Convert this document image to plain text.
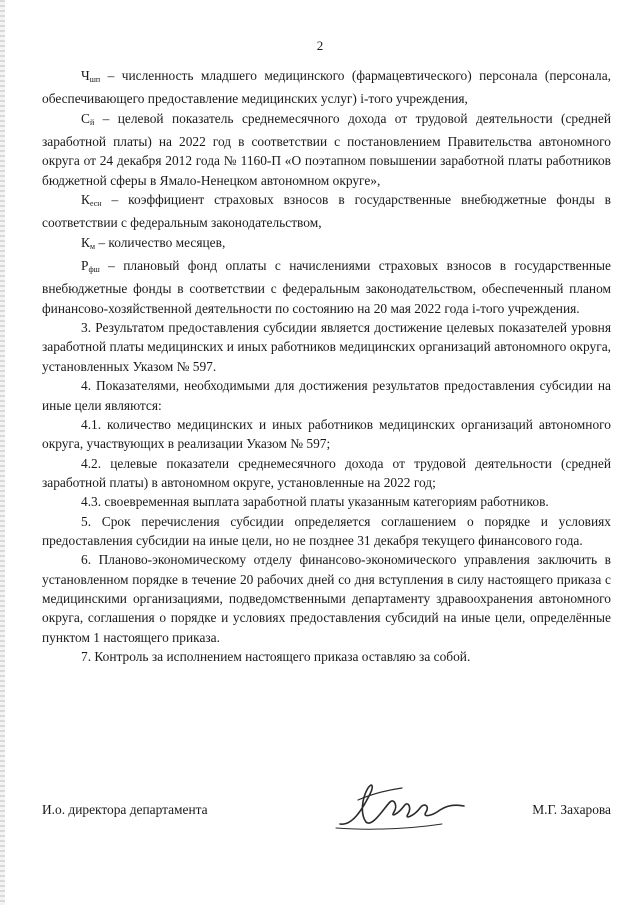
2

$Ч_{шп}$ – численность младшего медицинского (фармацевтического) персонала (персонала, обеспечивающего предоставление медицинских услуг) i-того учреждения,

$С_й$ – целевой показатель среднемесячного дохода от трудовой деятельности (средней заработной платы) на 2022 год в соответствии с постановлением Правительства автономного округа от 24 декабря 2012 года № 1160-П «О поэтапном повышении заработной платы работников бюджетной сферы в Ямало-Ненецком автономном округе»,

$К_{есн}$ – коэффициент страховых взносов в государственные внебюджетные фонды в соответствии с федеральным законодательством,

$К_м$ – количество месяцев,

$Р_{фш}$ – плановый фонд оплаты с начислениями страховых взносов в государственные внебюджетные фонды в соответствии с федеральным законодательством, обеспеченный планом финансово-хозяйственной деятельности по состоянию на 20 мая 2022 года i-того учреждения.

3. Результатом предоставления субсидии является достижение целевых показателей уровня заработной платы медицинских и иных работников медицинских организаций автономного округа, установленных Указом № 597.

4. Показателями, необходимыми для достижения результатов предоставления субсидии на иные цели являются:

4.1. количество медицинских и иных работников медицинских организаций автономного округа, участвующих в реализации Указом № 597;

4.2. целевые показатели среднемесячного дохода от трудовой деятельности (средней заработной платы) в автономном округе, установленные на 2022 год;

4.3. своевременная выплата заработной платы указанным категориям работников.

5. Срок перечисления субсидии определяется соглашением о порядке и условиях предоставления субсидии на иные цели, но не позднее 31 декабря текущего финансового года.

6. Планово-экономическому отделу финансово-экономического управления заключить в установленном порядке в течение 20 рабочих дней со дня вступления в силу настоящего приказа с медицинскими организациями, подведомственными департаменту здравоохранения автономного округа, соглашения о порядке и условиях предоставления субсидий на иные цели, определённые пунктом 1 настоящего приказа.

7. Контроль за исполнением настоящего приказа оставляю за собой.

И.о. директора департамента	М.Г. Захарова
